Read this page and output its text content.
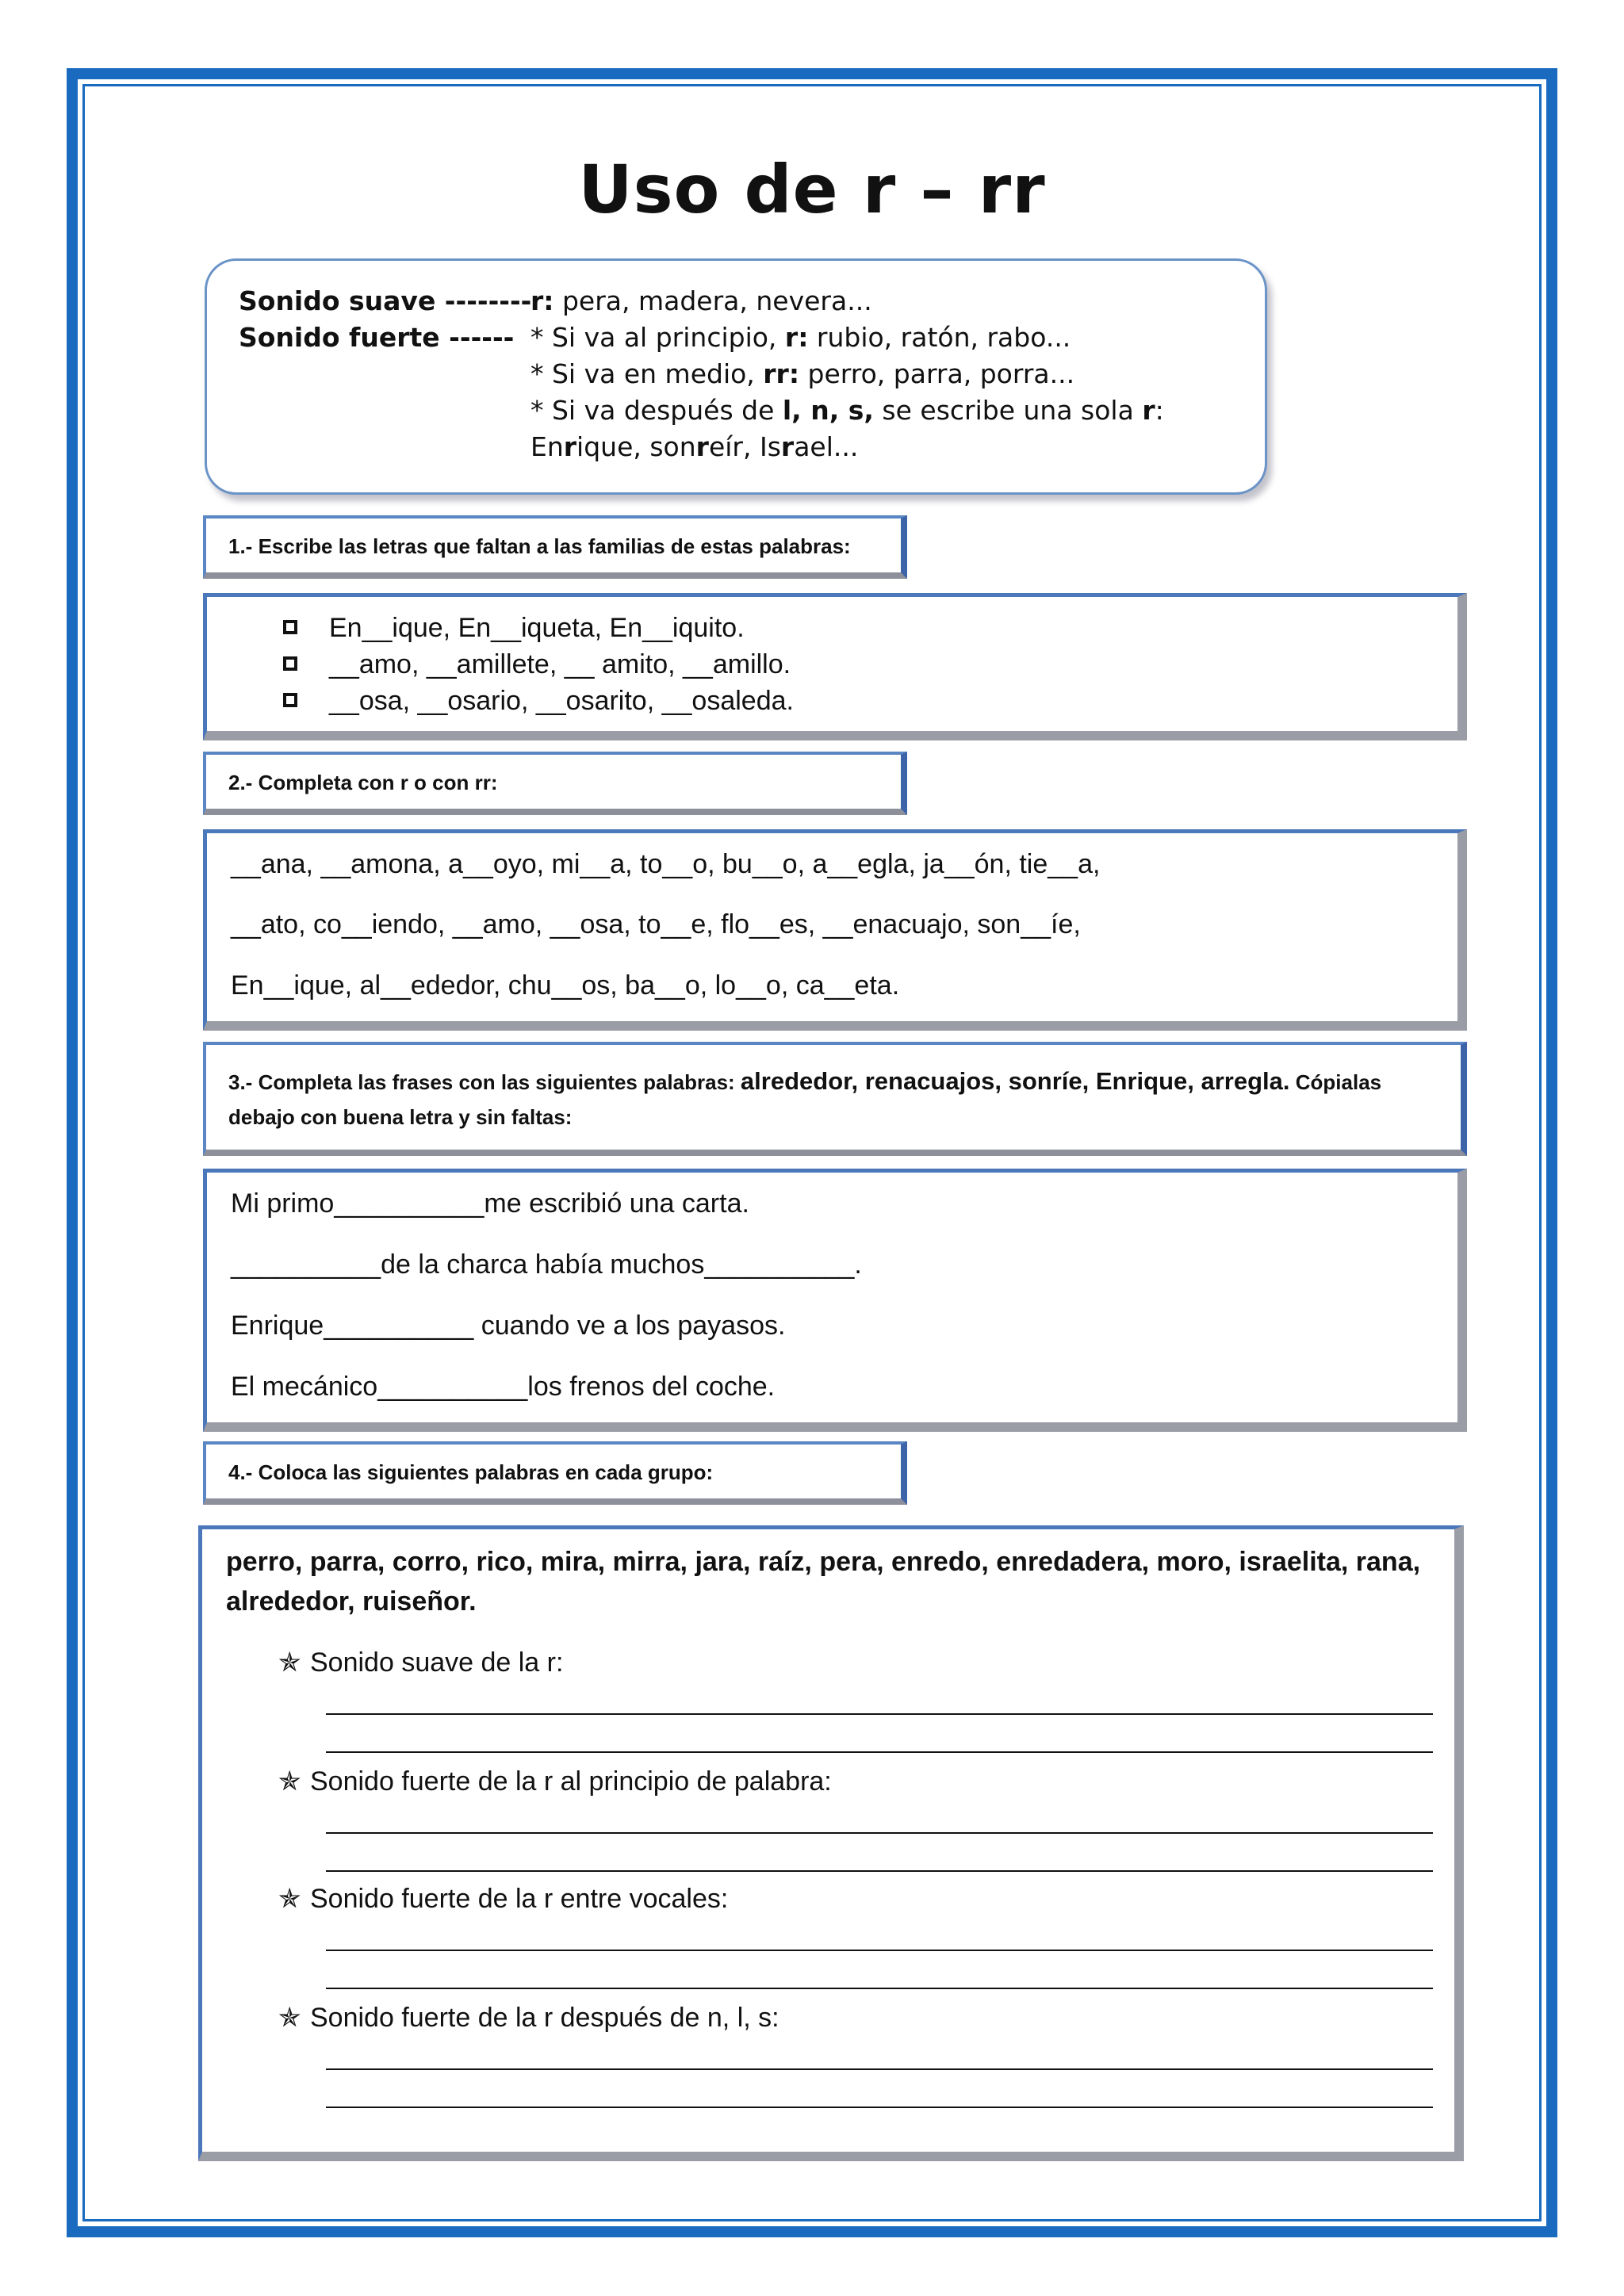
Uso de r – rr
Sonido suave --------
Sonido fuerte ------
r: pera, madera, nevera...
* Si va al principio, r: rubio, ratón, rabo...
* Si va en medio, rr: perro, parra, porra...
* Si va después de l, n, s, se escribe una sola r:
Enrique, sonreír, Israel...
1.- Escribe las letras que faltan a las familias de estas palabras:
En__ique, En__iqueta, En__iquito.
__amo, __amillete, __ amito, __amillo.
__osa, __osario, __osarito, __osaleda.
2.- Completa con r o con rr:
__ana, __amona, a__oyo, mi__a, to__o, bu__o, a__egla, ja__ón, tie__a,
__ato, co__iendo, __amo, __osa, to__e, flo__es, __enacuajo, son__íe,
En__ique, al__ededor, chu__os, ba__o, lo__o, ca__eta.
3.- Completa las frases con las siguientes palabras: alrededor, renacuajos, sonríe, Enrique, arregla. Cópialas
debajo con buena letra y sin faltas:
Mi primo__________me escribió una carta.
__________de la charca había muchos__________.
Enrique__________ cuando ve a los payasos.
El mecánico__________los frenos del coche.
4.- Coloca las siguientes palabras en cada grupo:
perro, parra, corro, rico, mira, mirra, jara, raíz, pera, enredo, enredadera, moro, israelita, rana,
alrededor, ruiseñor.
✯ Sonido suave de la r:
✯ Sonido fuerte de la r al principio de palabra:
✯ Sonido fuerte de la r entre vocales:
✯ Sonido fuerte de la r después de n, l, s:
